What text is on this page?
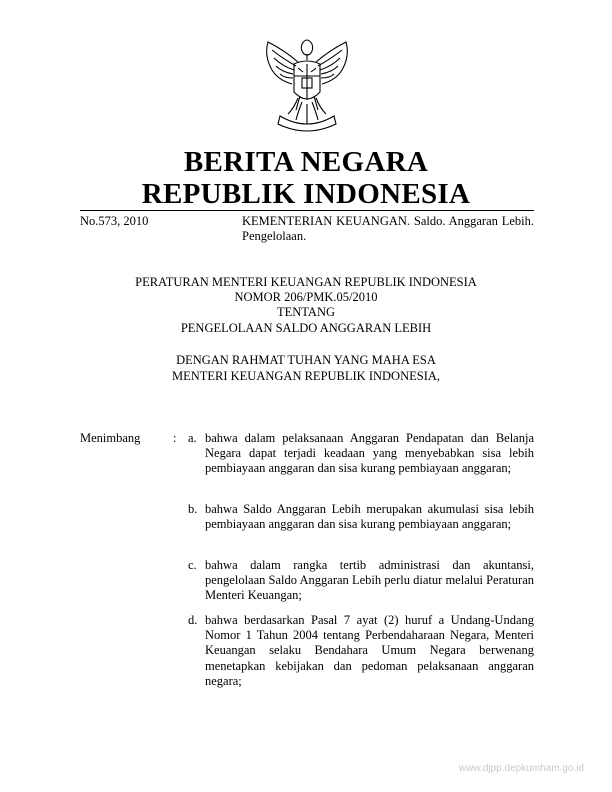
BERITA NEGARA
REPUBLIK INDONESIA
No.573, 2010	KEMENTERIAN KEUANGAN. Saldo. Anggaran Lebih. Pengelolaan.
PERATURAN MENTERI KEUANGAN REPUBLIK INDONESIA
NOMOR 206/PMK.05/2010
TENTANG
PENGELOLAAN SALDO ANGGARAN LEBIH
DENGAN RAHMAT TUHAN YANG MAHA ESA
MENTERI KEUANGAN REPUBLIK INDONESIA,
Menimbang	: a. bahwa dalam pelaksanaan Anggaran Pendapatan dan Belanja Negara dapat terjadi keadaan yang menyebabkan sisa lebih pembiayaan anggaran dan sisa kurang pembiayaan anggaran;
b. bahwa Saldo Anggaran Lebih merupakan akumulasi sisa lebih pembiayaan anggaran dan sisa kurang pembiayaan anggaran;
c. bahwa dalam rangka tertib administrasi dan akuntansi, pengelolaan Saldo Anggaran Lebih perlu diatur melalui Peraturan Menteri Keuangan;
d. bahwa berdasarkan Pasal 7 ayat (2) huruf a Undang-Undang Nomor 1 Tahun 2004 tentang Perbendaharaan Negara, Menteri Keuangan selaku Bendahara Umum Negara berwenang menetapkan kebijakan dan pedoman pelaksanaan anggaran negara;
www.djpp.depkumham.go.id
